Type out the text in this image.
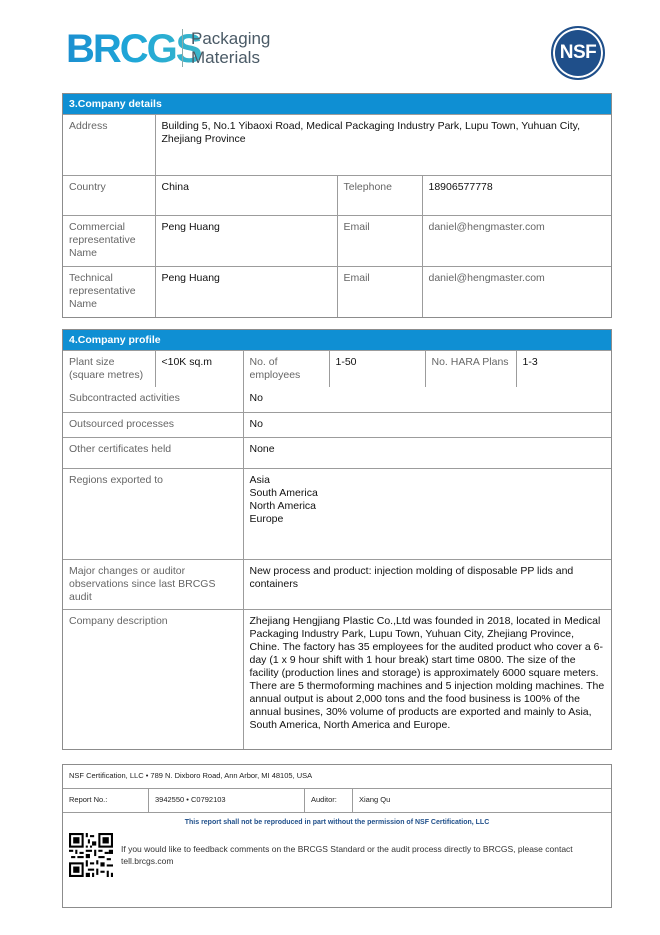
BRCGS
Packaging
Materials	NSF
3.Company details
Address	Building 5, No.1 Yibaoxi Road, Medical Packaging Industry Park, Lupu Town, Yuhuan City, Zhejiang Province
Country	China	Telephone	18906577778
Commercial representative Name	Peng Huang	Email	daniel@hengmaster.com
Technical representative Name	Peng Huang	Email	daniel@hengmaster.com
4.Company profile
Plant size (square metres)	<10K sq.m	No. of employees	1-50	No. HARA Plans	1-3
Subcontracted activities	No
Outsourced processes	No
Other certificates held	None
Regions exported to	Asia
South America
North America
Europe

Major changes or auditor observations since last BRCGS audit	New process and product: injection molding of disposable PP lids and containers
Company description	Zhejiang Hengjiang Plastic Co.,Ltd was founded in 2018, located in Medical Packaging Industry Park, Lupu Town, Yuhuan City, Zhejiang Province, Chine. The factory has 35 employees for the audited product who cover a 6-day (1 x 9 hour shift with 1 hour break) start time 0800. The size of the facility (production lines and storage) is approximately 6000 square meters. There are 5 thermoforming machines and 5 injection molding machines. The annual output is about 2,000 tons and the food business is 100% of the annual busines, 30% volume of products are exported and mainly to Asia, South America, North America and Europe.
NSF Certification, LLC • 789 N. Dixboro Road, Ann Arbor, MI 48105, USA
Report No.:	3942550 • C0792103	Auditor:	Xiang Qu
This report shall not be reproduced in part without the permission of NSF Certification, LLC
If you would like to feedback comments on the BRCGS Standard or the audit process directly to BRCGS, please contact tell.brcgs.com
